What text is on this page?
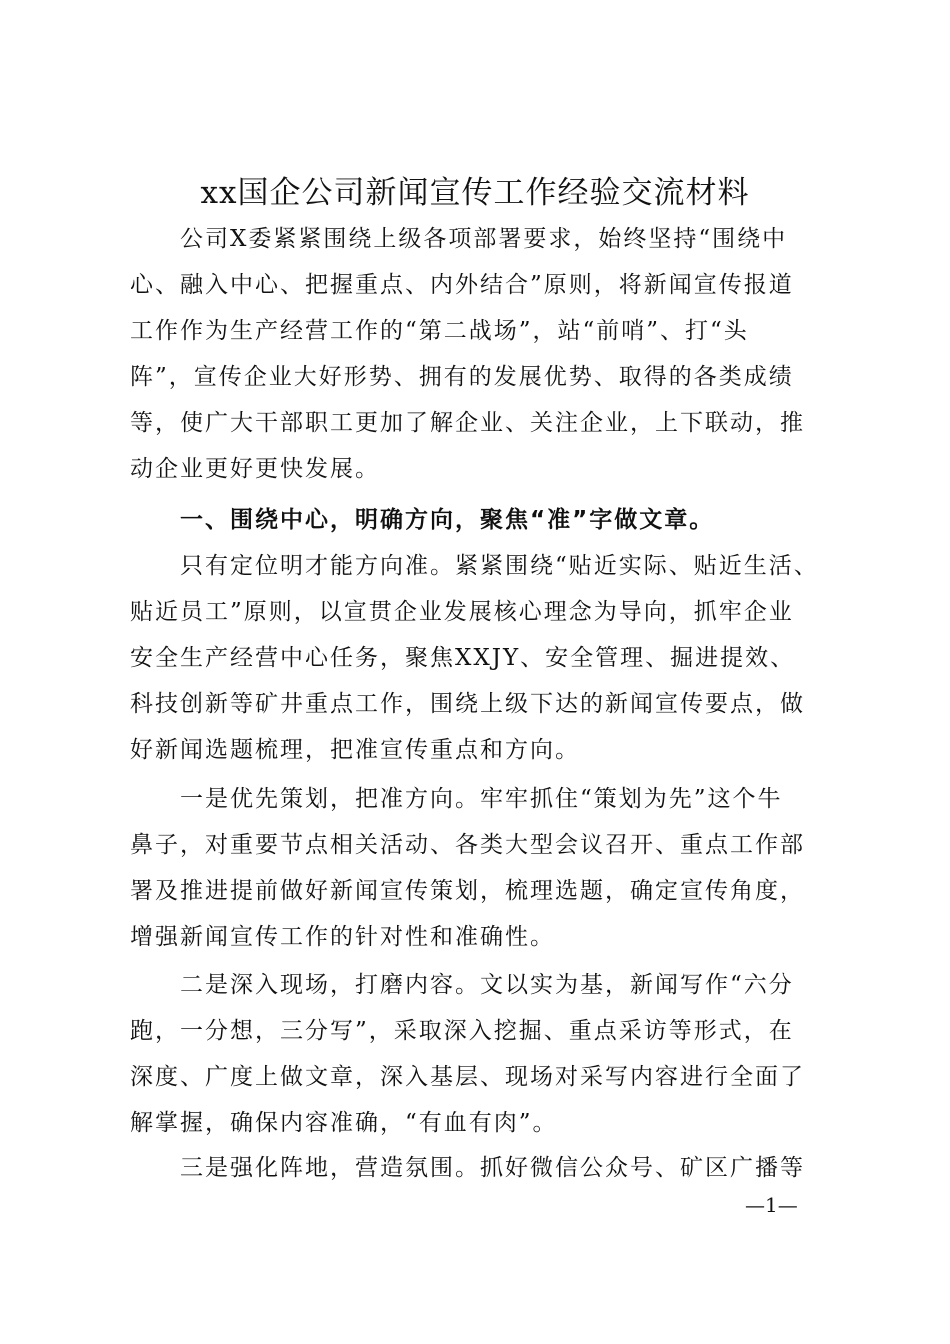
xx国企公司新闻宣传工作经验交流材料
　　公司X委紧紧围绕上级各项部署要求，始终坚持“围绕中
心、融入中心、把握重点、内外结合”原则，将新闻宣传报道
工作作为生产经营工作的“第二战场”，站“前哨”、打“头
阵”，宣传企业大好形势、拥有的发展优势、取得的各类成绩
等，使广大干部职工更加了解企业、关注企业，上下联动，推
动企业更好更快发展。
　　一、围绕中心，明确方向，聚焦“准”字做文章。
　　只有定位明才能方向准。紧紧围绕“贴近实际、贴近生活、
贴近员工”原则，以宣贯企业发展核心理念为导向，抓牢企业
安全生产经营中心任务，聚焦XXJY、安全管理、掘进提效、
科技创新等矿井重点工作，围绕上级下达的新闻宣传要点，做
好新闻选题梳理，把准宣传重点和方向。
　　一是优先策划，把准方向。牢牢抓住“策划为先”这个牛
鼻子，对重要节点相关活动、各类大型会议召开、重点工作部
署及推进提前做好新闻宣传策划，梳理选题，确定宣传角度，
增强新闻宣传工作的针对性和准确性。
　　二是深入现场，打磨内容。文以实为基，新闻写作“六分
跑，一分想，三分写”，采取深入挖掘、重点采访等形式，在
深度、广度上做文章，深入基层、现场对采写内容进行全面了
解掌握，确保内容准确，“有血有肉”。
　　三是强化阵地，营造氛围。抓好微信公众号、矿区广播等
—1—
